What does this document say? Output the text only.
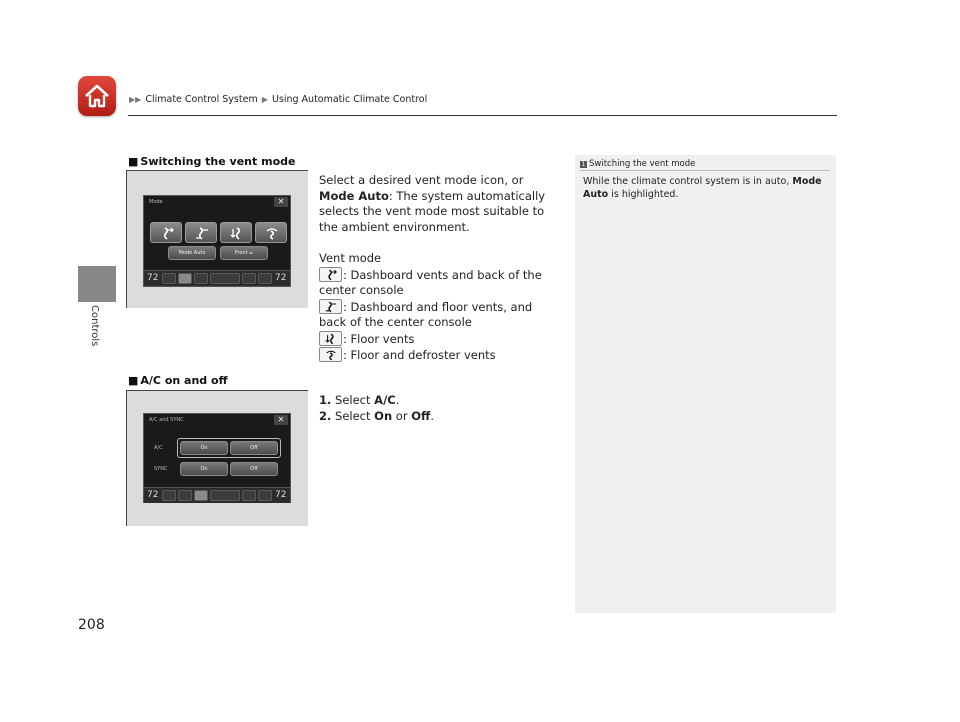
▶▶ Climate Control System ▶ Using Automatic Climate Control
Controls
208
■ Switching the vent mode
Mode	✕
Mode Auto	Front ⌓
72	72
Select a desired vent mode icon, or Mode Auto: The system automatically selects the vent mode most suitable to the ambient environment.
Vent mode
: Dashboard vents and back of the center console
: Dashboard and floor vents, and back of the center console
: Floor vents
: Floor and defroster vents
■ A/C on and off
A/C and SYNC	✕
A/C	On	Off
SYNC	On	Off
72	72
1. Select A/C.
2. Select On or Off.
1 Switching the vent mode
While the climate control system is in auto, Mode Auto is highlighted.
